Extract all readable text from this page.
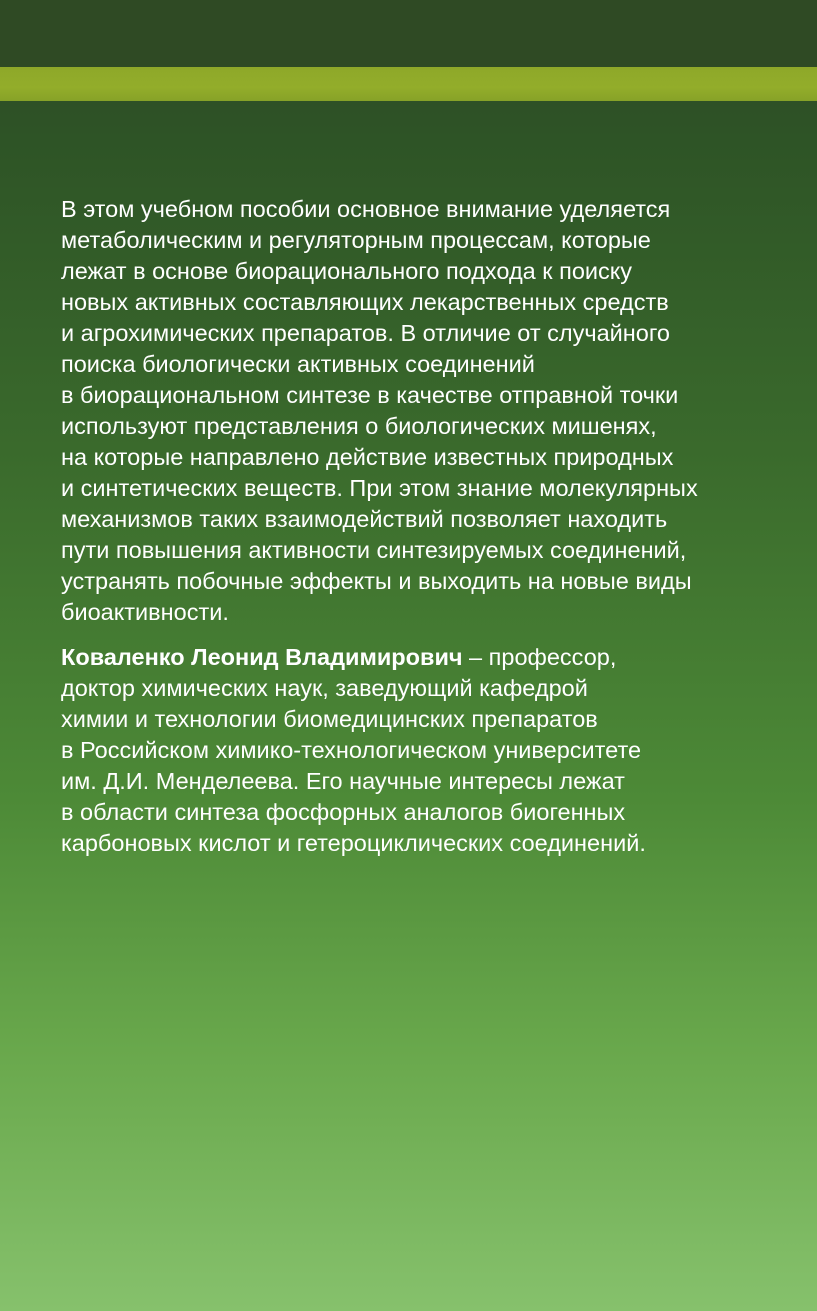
В этом учебном пособии основное внимание уделяется
метаболическим и регуляторным процессам, которые
лежат в основе биорационального подхода к поиску
новых активных составляющих лекарственных средств
и агрохимических препаратов. В отличие от случайного
поиска биологически активных соединений
в биорациональном синтезе в качестве отправной точки
используют представления о биологических мишенях,
на которые направлено действие известных природных
и синтетических веществ. При этом знание молекулярных
механизмов таких взаимодействий позволяет находить
пути повышения активности синтезируемых соединений,
устранять побочные эффекты и выходить на новые виды
биоактивности.

Коваленко Леонид Владимирович – профессор,
доктор химических наук, заведующий кафедрой
химии и технологии биомедицинских препаратов
в Российском химико-технологическом университете
им. Д.И. Менделеева. Его научные интересы лежат
в области синтеза фосфорных аналогов биогенных
карбоновых кислот и гетероциклических соединений.
